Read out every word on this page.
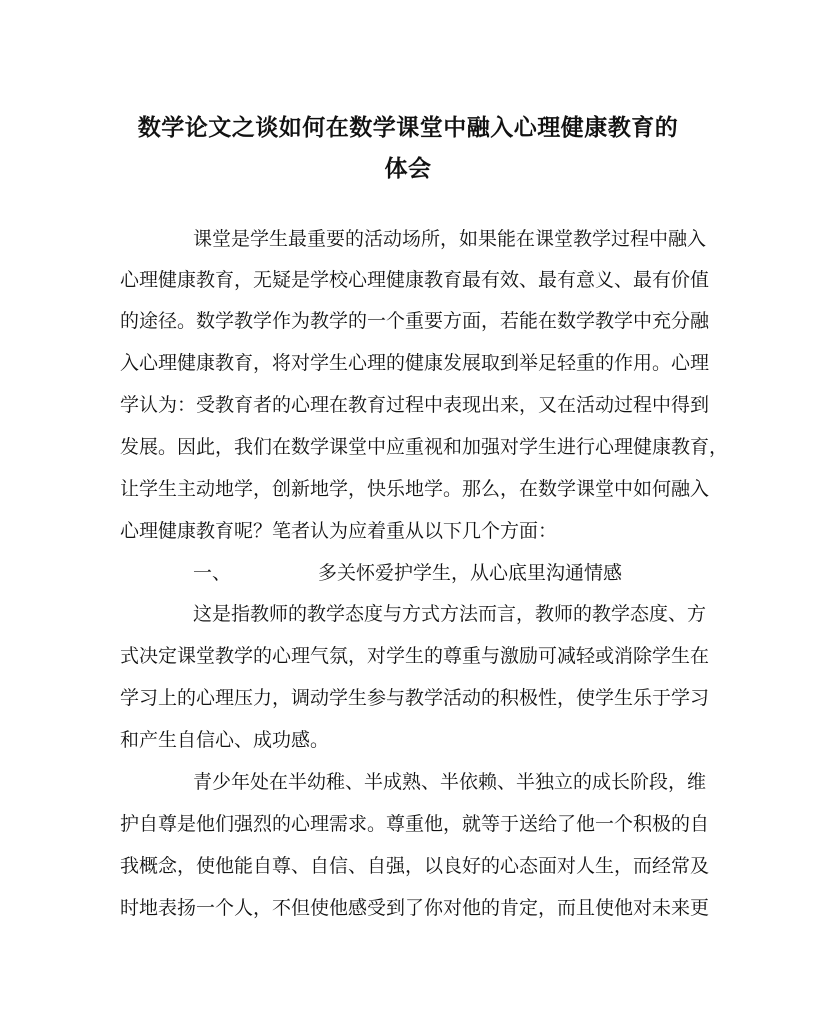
数学论文之谈如何在数学课堂中融入心理健康教育的
体会
课堂是学生最重要的活动场所，如果能在课堂教学过程中融入
心理健康教育，无疑是学校心理健康教育最有效、最有意义、最有价值
的途径。数学教学作为教学的一个重要方面，若能在数学教学中充分融
入心理健康教育，将对学生心理的健康发展取到举足轻重的作用。心理
学认为：受教育者的心理在教育过程中表现出来，又在活动过程中得到
发展。因此，我们在数学课堂中应重视和加强对学生进行心理健康教育，
让学生主动地学，创新地学，快乐地学。那么，在数学课堂中如何融入
心理健康教育呢？笔者认为应着重从以下几个方面：
一、	多关怀爱护学生，从心底里沟通情感
这是指教师的教学态度与方式方法而言，教师的教学态度、方
式决定课堂教学的心理气氛，对学生的尊重与激励可减轻或消除学生在
学习上的心理压力，调动学生参与教学活动的积极性，使学生乐于学习
和产生自信心、成功感。
青少年处在半幼稚、半成熟、半依赖、半独立的成长阶段，维
护自尊是他们强烈的心理需求。尊重他，就等于送给了他一个积极的自
我概念，使他能自尊、自信、自强，以良好的心态面对人生，而经常及
时地表扬一个人，不但使他感受到了你对他的肯定，而且使他对未来更
